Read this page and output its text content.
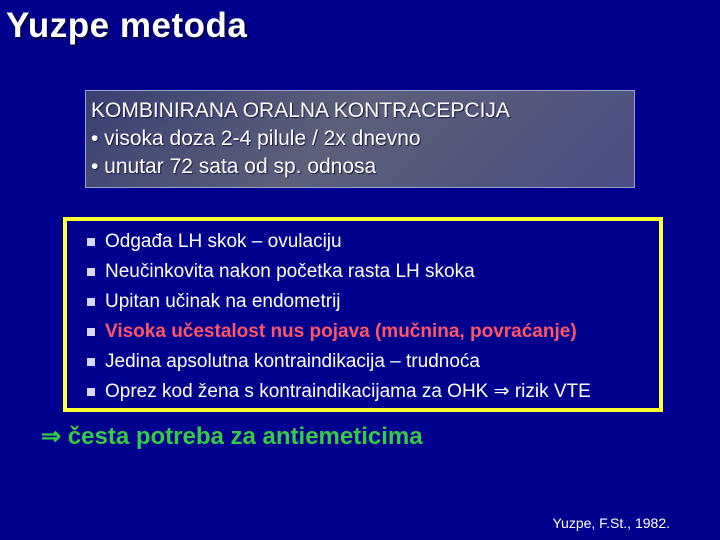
Yuzpe metoda
KOMBINIRANA ORALNA KONTRACEPCIJA
• visoka doza 2-4 pilule / 2x dnevno
• unutar 72 sata od sp. odnosa
Odgađa LH skok – ovulaciju
Neučinkovita nakon početka rasta LH skoka
Upitan učinak na endometrij
Visoka učestalost nus pojava (mučnina, povraćanje)
Jedina apsolutna kontraindikacija – trudnoća
Oprez kod žena s kontraindikacijama za OHK ⇒ rizik VTE
⇒ česta potreba za antiemeticima
Yuzpe, F.St., 1982.
